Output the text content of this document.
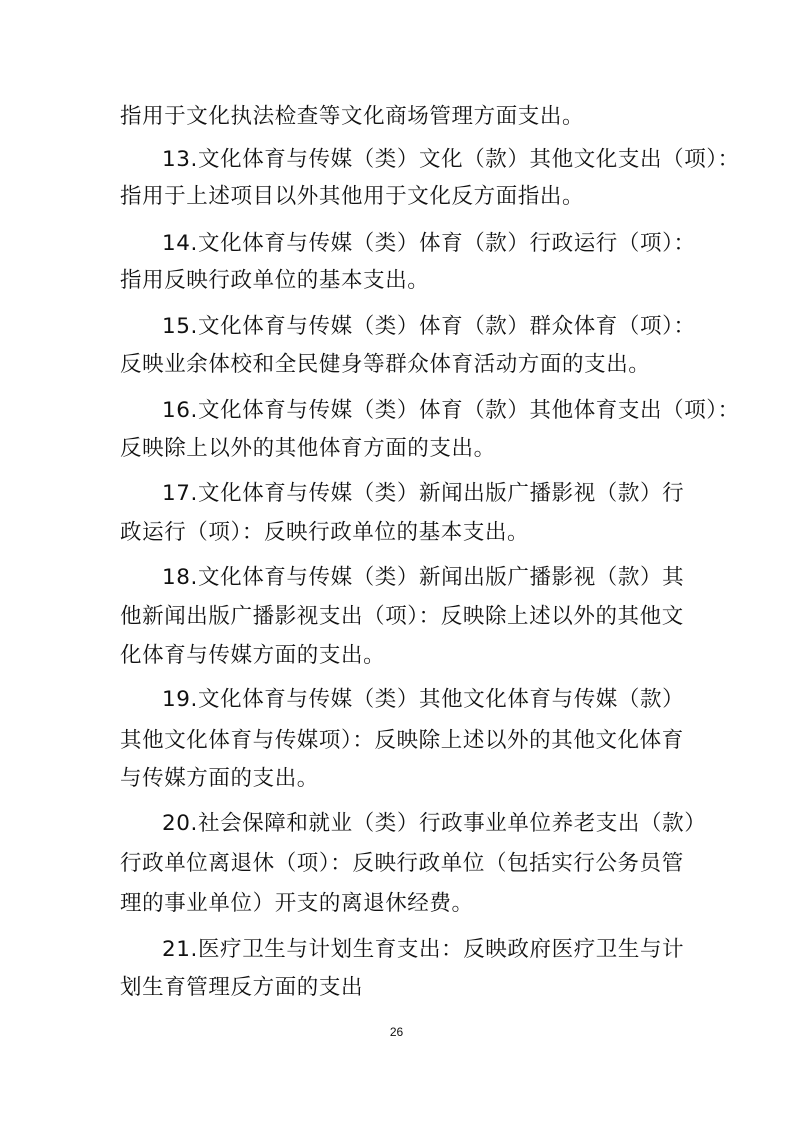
指用于文化执法检查等文化商场管理方面支出。
13.文化体育与传媒（类）文化（款）其他文化支出（项）：
指用于上述项目以外其他用于文化反方面指出。
14.文化体育与传媒（类）体育（款）行政运行（项）：
指用反映行政单位的基本支出。
15.文化体育与传媒（类）体育（款）群众体育（项）：
反映业余体校和全民健身等群众体育活动方面的支出。
16.文化体育与传媒（类）体育（款）其他体育支出（项）：
反映除上以外的其他体育方面的支出。
17.文化体育与传媒（类）新闻出版广播影视（款）行
政运行（项）：反映行政单位的基本支出。
18.文化体育与传媒（类）新闻出版广播影视（款）其
他新闻出版广播影视支出（项）：反映除上述以外的其他文
化体育与传媒方面的支出。
19.文化体育与传媒（类）其他文化体育与传媒（款）
其他文化体育与传媒项）：反映除上述以外的其他文化体育
与传媒方面的支出。
20.社会保障和就业（类）行政事业单位养老支出（款）
行政单位离退休（项）：反映行政单位（包括实行公务员管
理的事业单位）开支的离退休经费。
21.医疗卫生与计划生育支出：反映政府医疗卫生与计
划生育管理反方面的支出
26
